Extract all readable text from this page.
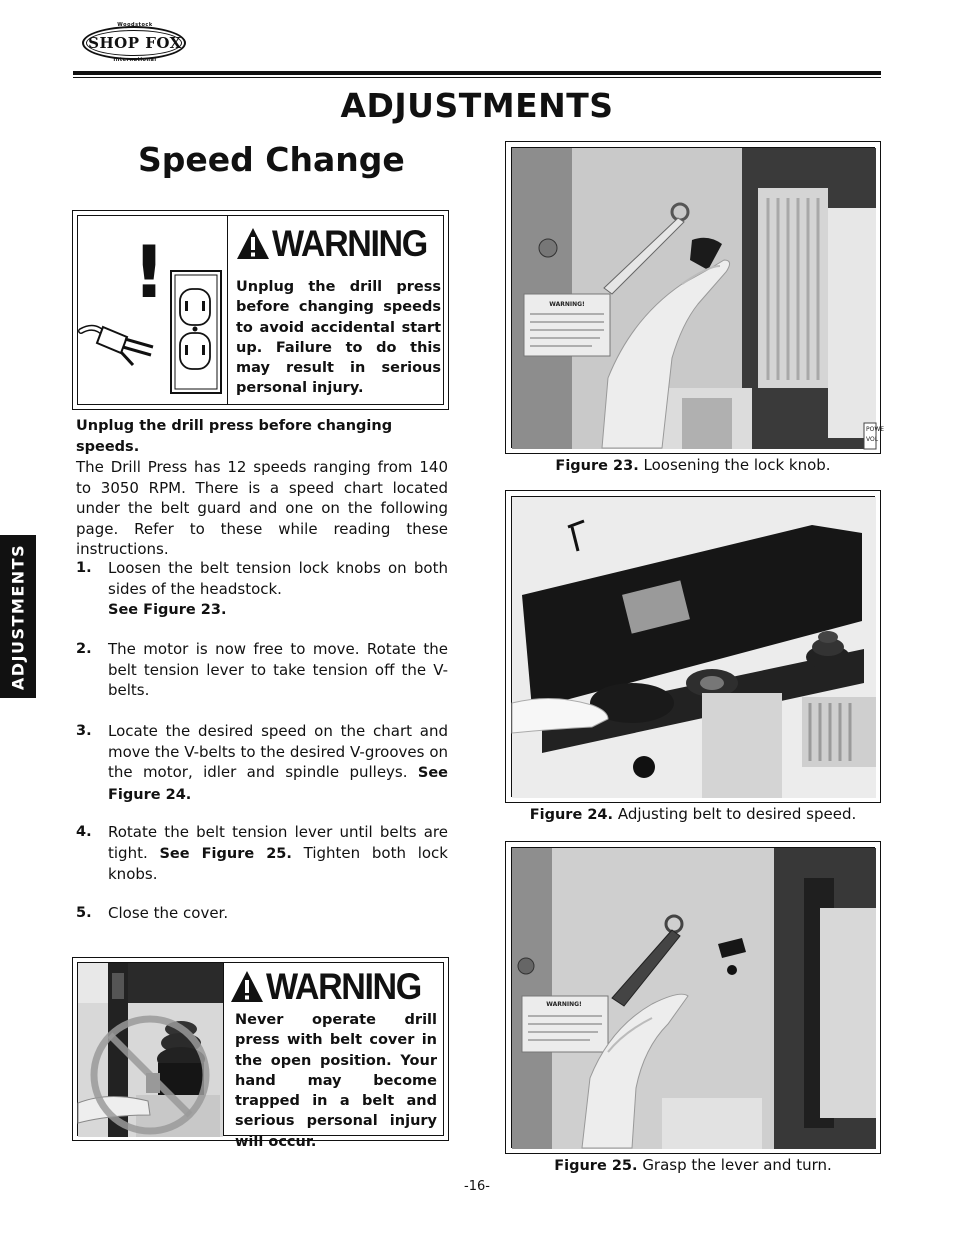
Woodstock
SHOP FOX
International
ADJUSTMENTS
Speed Change
ADJUSTMENTS
!	WARNING
Unplug the drill press before changing speeds to avoid accidental start up. Failure to do this may result in serious personal injury.
Unplug the drill press before changing speeds.
The Drill Press has 12 speeds ranging from 140 to 3050 RPM. There is a speed chart located under the belt guard and one on the following page. Refer to these while reading these instructions.
1. Loosen the belt tension lock knobs on both sides of the headstock.
See Figure 23.
2. The motor is now free to move. Rotate the belt tension lever to take tension off the V-belts.
3. Locate the desired speed on the chart and move the V-belts to the desired V-grooves on the motor, idler and spindle pulleys. See Figure 24.
4. Rotate the belt tension lever until belts are tight. See Figure 25. Tighten both lock knobs.
5. Close the cover.
WARNING
Never operate drill press with belt cover in the open position. Your hand may become trapped in a belt and serious personal injury will occur.
WARNING!
POWE
VOL
Figure 23. Loosening the lock knob.
Figure 24. Adjusting belt to desired speed.
WARNING!
Figure 25. Grasp the lever and turn.
-16-
